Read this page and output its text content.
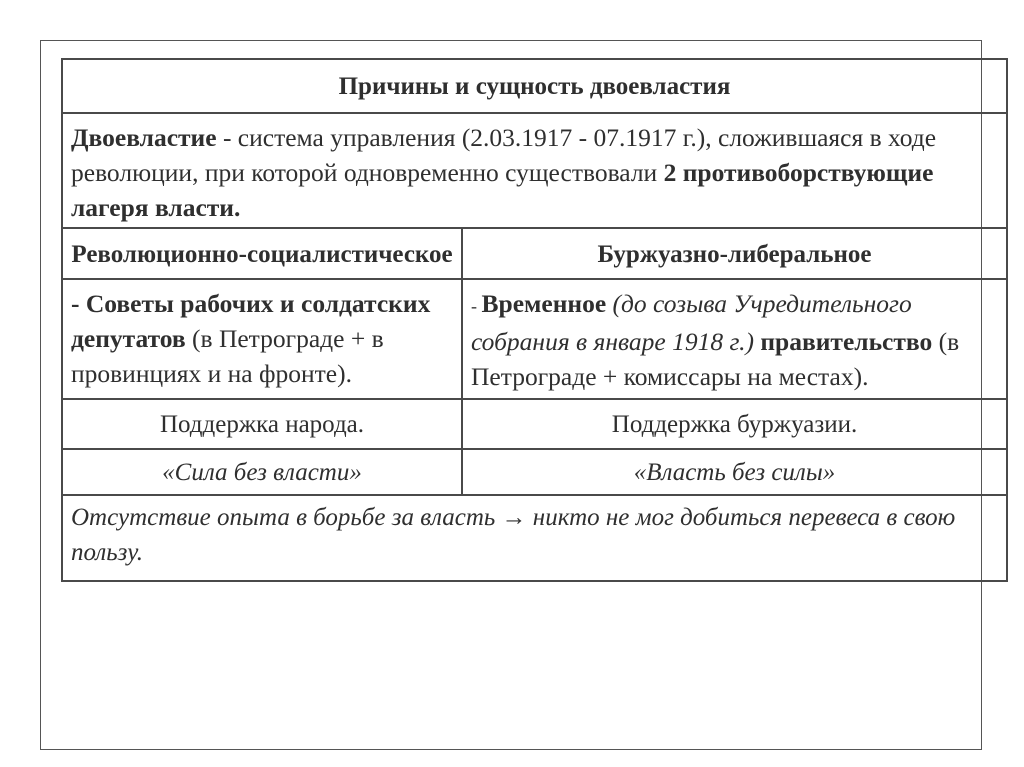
Причины и сущность двоевластия	
Двоевластие - система управления (2.03.1917 - 07.1917 г.), сложившаяся в ходе революции, при которой одновременно существовали 2 противоборствующие лагеря власти.	
Революционно-социалистическое	Буржуазно-либеральное
- Советы рабочих и солдатских депутатов (в Петрограде + в провинциях и на фронте).	- Временное (до созыва Учредительного собрания в январе 1918 г.) правительство (в Петрограде + комиссары на местах).
Поддержка народа.	Поддержка буржуазии.
«Сила без власти»	«Власть без силы»
Отсутствие опыта в борьбе за власть → никто не мог добиться перевеса в свою пользу.	
